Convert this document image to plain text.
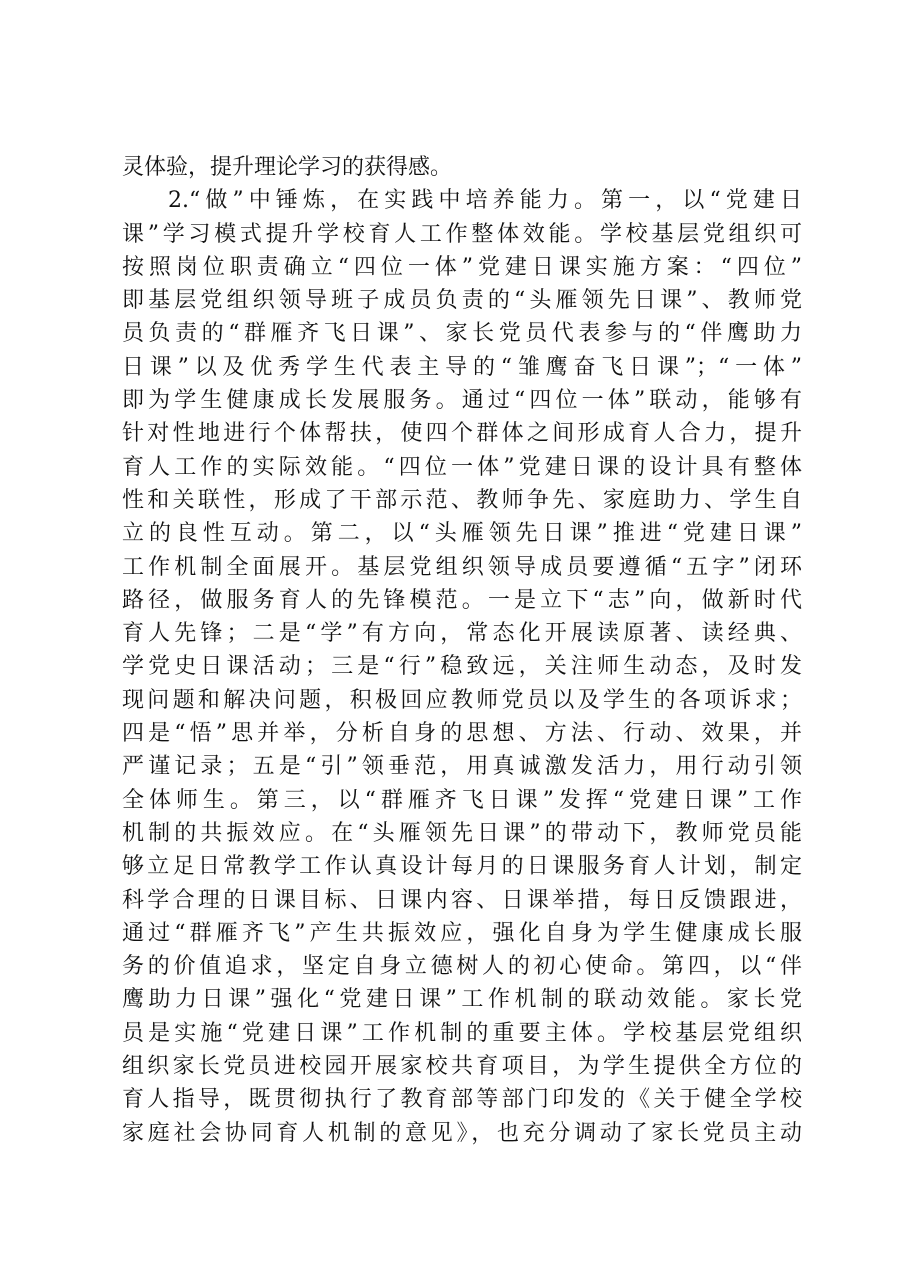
灵体验，提升理论学习的获得感。
2.“做”中锤炼，在实践中培养能力。第一，以“党建日
课”学习模式提升学校育人工作整体效能。学校基层党组织可
按照岗位职责确立“四位一体”党建日课实施方案：“四位”
即基层党组织领导班子成员负责的“头雁领先日课”、教师党
员负责的“群雁齐飞日课”、家长党员代表参与的“伴鹰助力
日课”以及优秀学生代表主导的“雏鹰奋飞日课”；“一体”
即为学生健康成长发展服务。通过“四位一体”联动，能够有
针对性地进行个体帮扶，使四个群体之间形成育人合力，提升
育人工作的实际效能。“四位一体”党建日课的设计具有整体
性和关联性，形成了干部示范、教师争先、家庭助力、学生自
立的良性互动。第二，以“头雁领先日课”推进“党建日课”
工作机制全面展开。基层党组织领导成员要遵循“五字”闭环
路径，做服务育人的先锋模范。一是立下“志”向，做新时代
育人先锋；二是“学”有方向，常态化开展读原著、读经典、
学党史日课活动；三是“行”稳致远，关注师生动态，及时发
现问题和解决问题，积极回应教师党员以及学生的各项诉求；
四是“悟”思并举，分析自身的思想、方法、行动、效果，并
严谨记录；五是“引”领垂范，用真诚激发活力，用行动引领
全体师生。第三，以“群雁齐飞日课”发挥“党建日课”工作
机制的共振效应。在“头雁领先日课”的带动下，教师党员能
够立足日常教学工作认真设计每月的日课服务育人计划，制定
科学合理的日课目标、日课内容、日课举措，每日反馈跟进，
通过“群雁齐飞”产生共振效应，强化自身为学生健康成长服
务的价值追求，坚定自身立德树人的初心使命。第四，以“伴
鹰助力日课”强化“党建日课”工作机制的联动效能。家长党
员是实施“党建日课”工作机制的重要主体。学校基层党组织
组织家长党员进校园开展家校共育项目，为学生提供全方位的
育人指导，既贯彻执行了教育部等部门印发的《关于健全学校
家庭社会协同育人机制的意见》，也充分调动了家长党员主动
